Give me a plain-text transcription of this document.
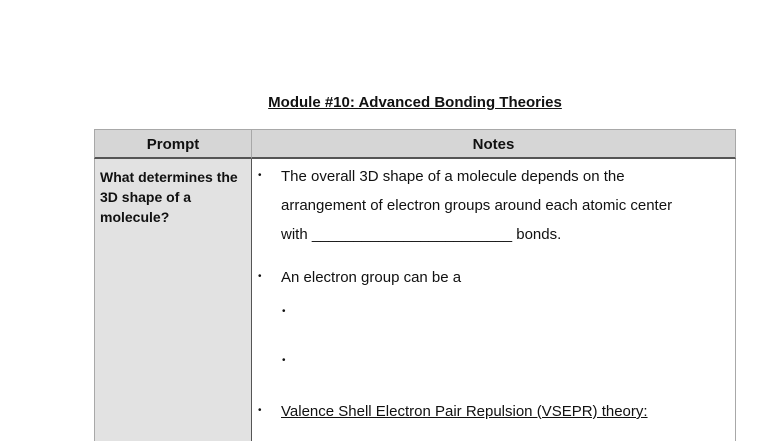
Module #10: Advanced Bonding Theories
Prompt	Notes
What determines the 3D shape of a molecule?
• The overall 3D shape of a molecule depends on the
arrangement of electron groups around each atomic center
with ________________________ bonds.
• An electron group can be a
•
•
• Valence Shell Electron Pair Repulsion (VSEPR) theory:
